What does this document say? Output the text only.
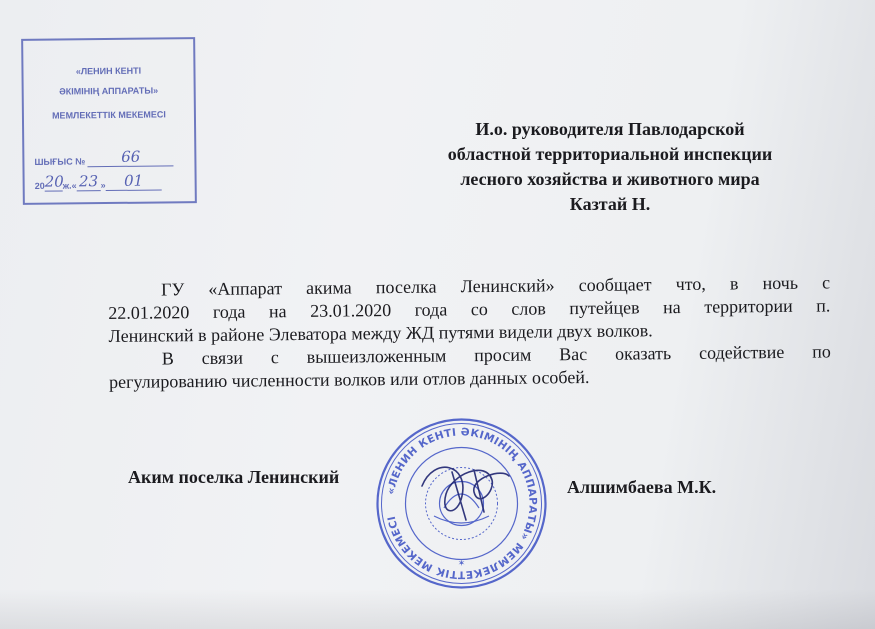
«ЛЕНИН КЕНТІ
ӘКІМІНІҢ АППАРАТЫ»
МЕМЛЕКЕТТІК МЕКЕМЕСІ
ШЫҒЫС № 66
2020ж.« 23 » 01
И.о. руководителя Павлодарской
областной территориальной инспекции
лесного хозяйства и животного мира
Казтай Н.
ГУ «Аппарат акима поселка Ленинский» сообщает что, в ночь с
22.01.2020 года на 23.01.2020 года со слов путейцев на территории п.
Ленинский в районе Элеватора между ЖД путями видели двух волков.
В связи с вышеизложенным просим Вас оказать содействие по
регулированию численности волков или отлов данных особей.
Аким поселка Ленинский
«ЛЕНИН КЕНТІ ӘКІМІНІҢ АППАРАТЫ» МЕМЛЕКЕТТІК МЕКЕМЕСІ
✶
Алшимбаева М.К.
